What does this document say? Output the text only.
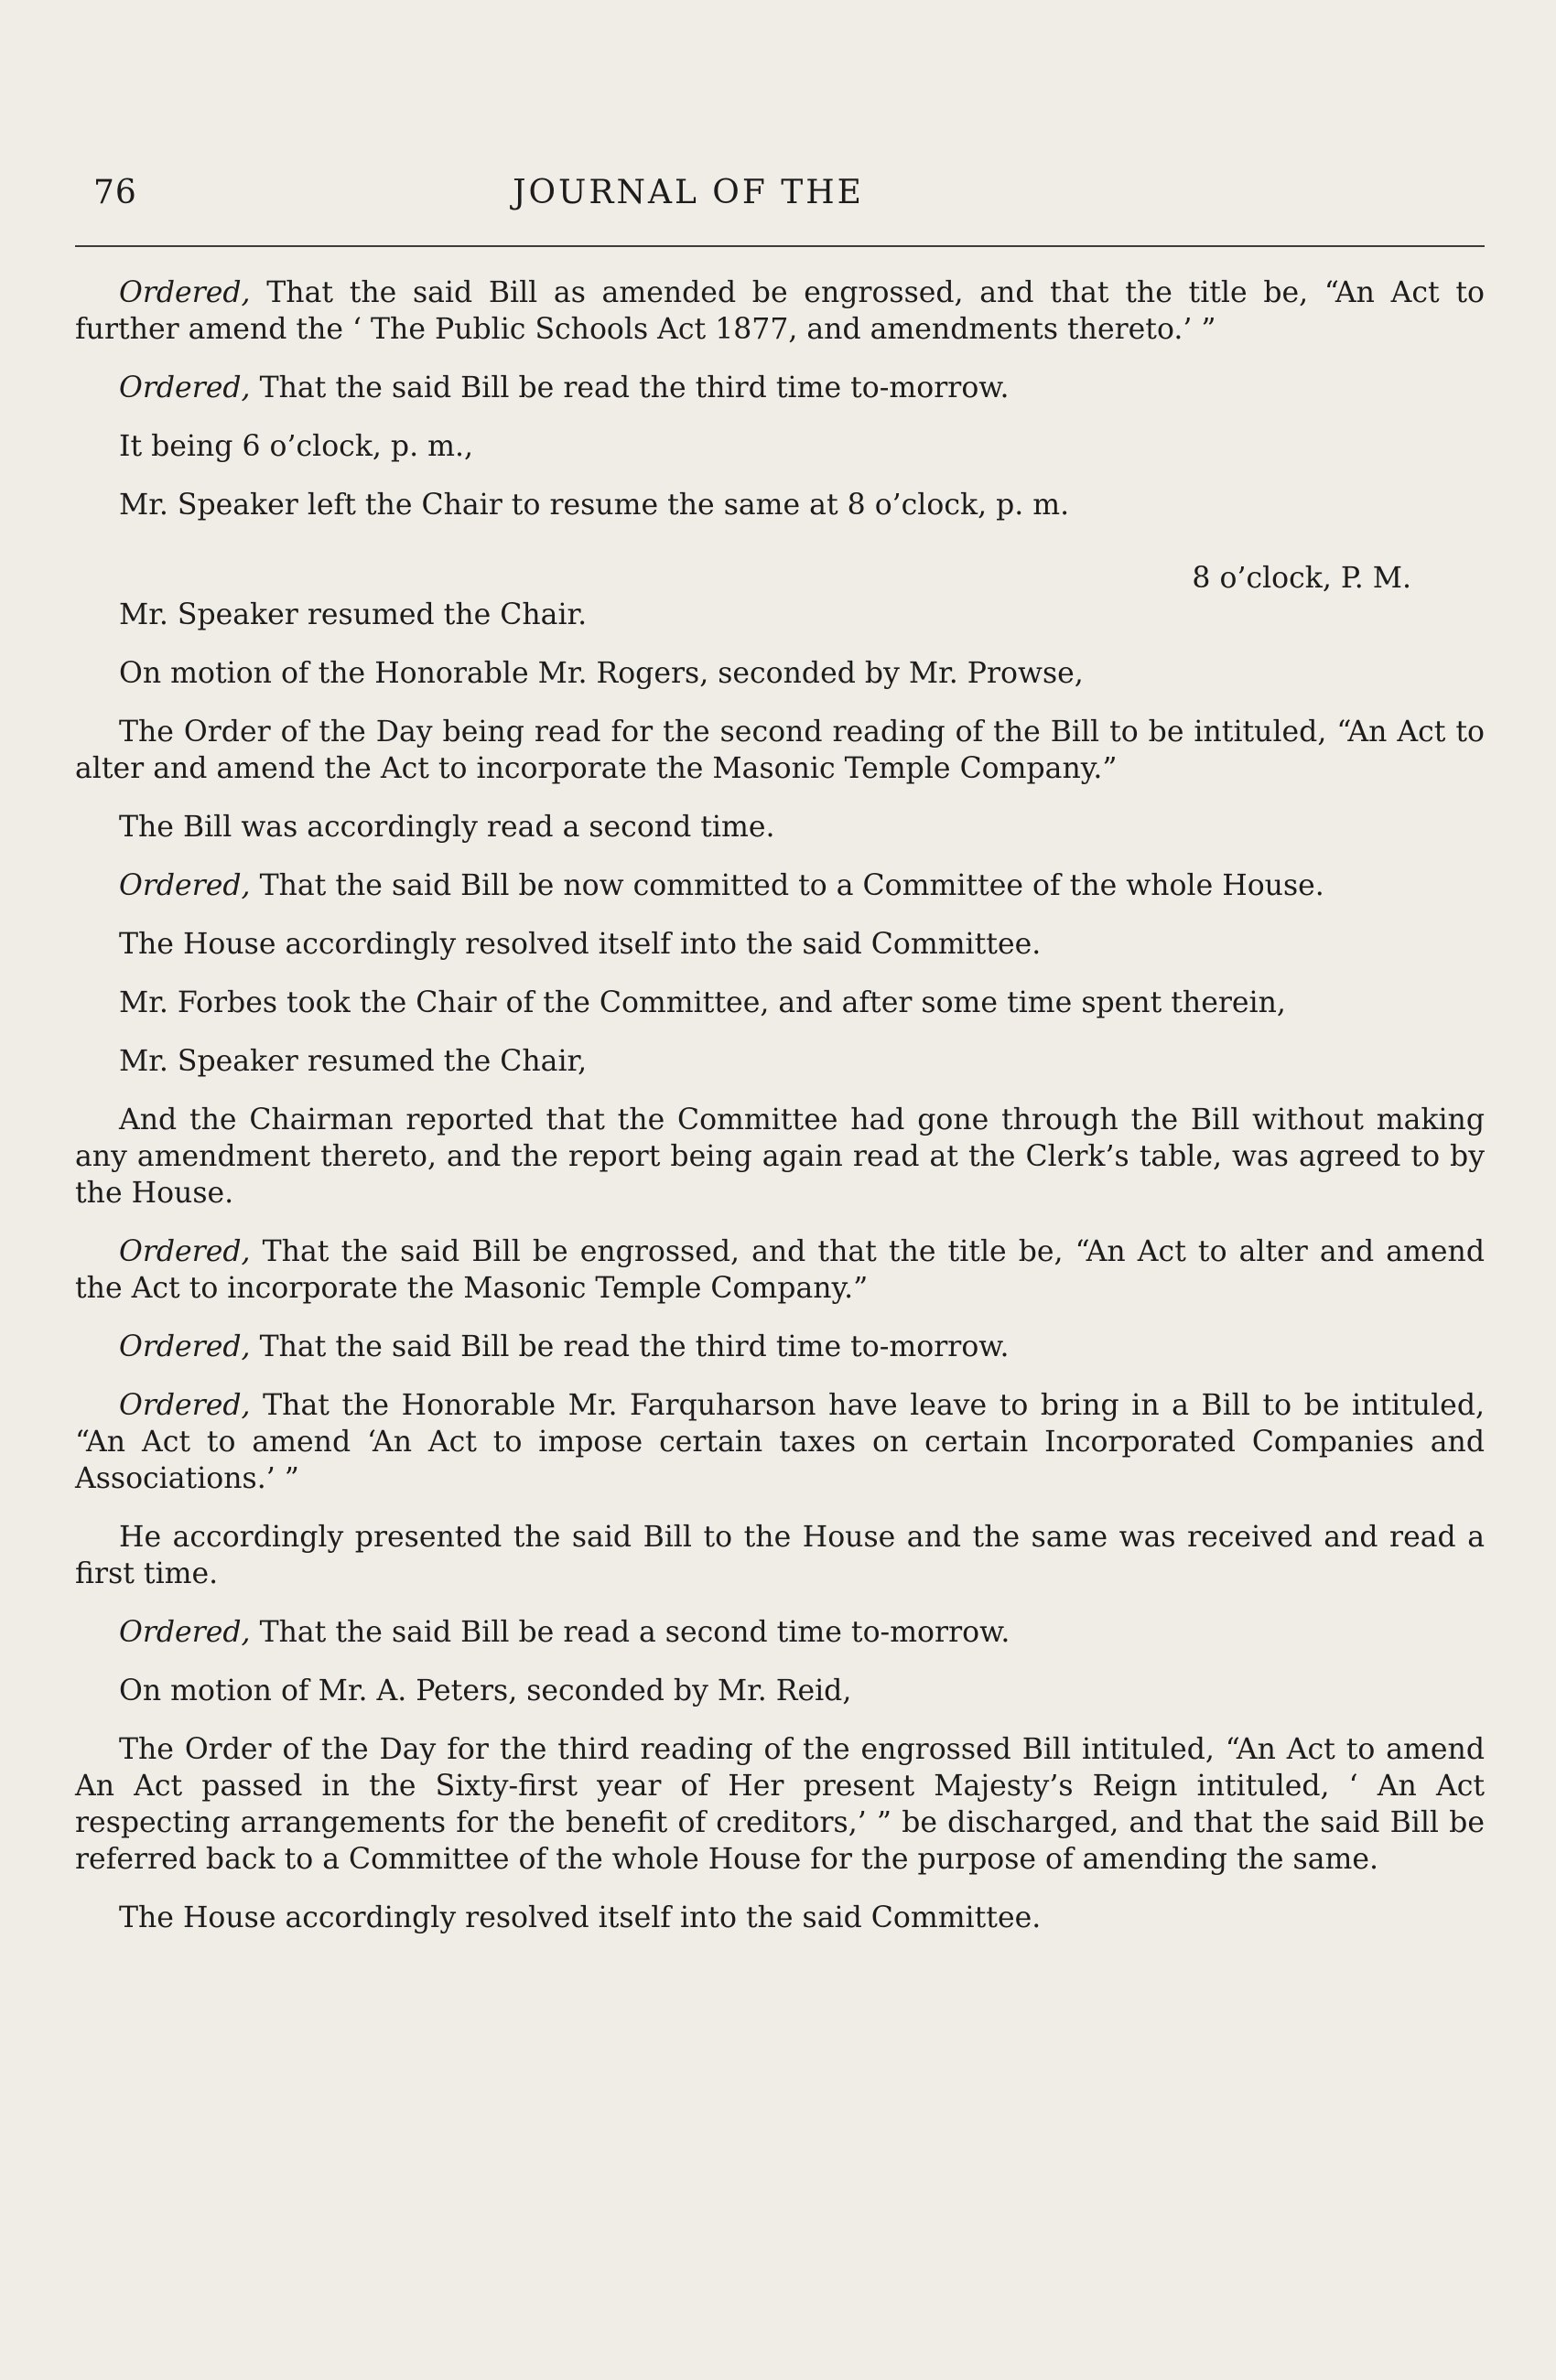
76	JOURNAL OF THE

Ordered, That the said Bill as amended be engrossed, and that the title be, “An Act to further amend the ‘ The Public Schools Act 1877, and amendments thereto.’ ”

Ordered, That the said Bill be read the third time to-morrow.

It being 6 o’clock, p. m.,

Mr. Speaker left the Chair to resume the same at 8 o’clock, p. m.

8 o’clock, P. M.

Mr. Speaker resumed the Chair.

On motion of the Honorable Mr. Rogers, seconded by Mr. Prowse,

The Order of the Day being read for the second reading of the Bill to be intituled, “An Act to alter and amend the Act to incorporate the Masonic Temple Company.”

The Bill was accordingly read a second time.

Ordered, That the said Bill be now committed to a Committee of the whole House.

The House accordingly resolved itself into the said Committee.

Mr. Forbes took the Chair of the Committee, and after some time spent therein,

Mr. Speaker resumed the Chair,

And the Chairman reported that the Committee had gone through the Bill without making any amendment thereto, and the report being again read at the Clerk’s table, was agreed to by the House.

Ordered, That the said Bill be engrossed, and that the title be, “An Act to alter and amend the Act to incorporate the Masonic Temple Company.”

Ordered, That the said Bill be read the third time to-morrow.

Ordered, That the Honorable Mr. Farquharson have leave to bring in a Bill to be intituled, “An Act to amend ‘An Act to impose certain taxes on certain Incorporated Companies and Associations.’ ”

He accordingly presented the said Bill to the House and the same was received and read a first time.

Ordered, That the said Bill be read a second time to-morrow.

On motion of Mr. A. Peters, seconded by Mr. Reid,

The Order of the Day for the third reading of the engrossed Bill intituled, “An Act to amend An Act passed in the Sixty-first year of Her present Majesty’s Reign intituled, ‘ An Act respecting arrangements for the benefit of creditors,’ ” be discharged, and that the said Bill be referred back to a Committee of the whole House for the purpose of amending the same.

The House accordingly resolved itself into the said Committee.
